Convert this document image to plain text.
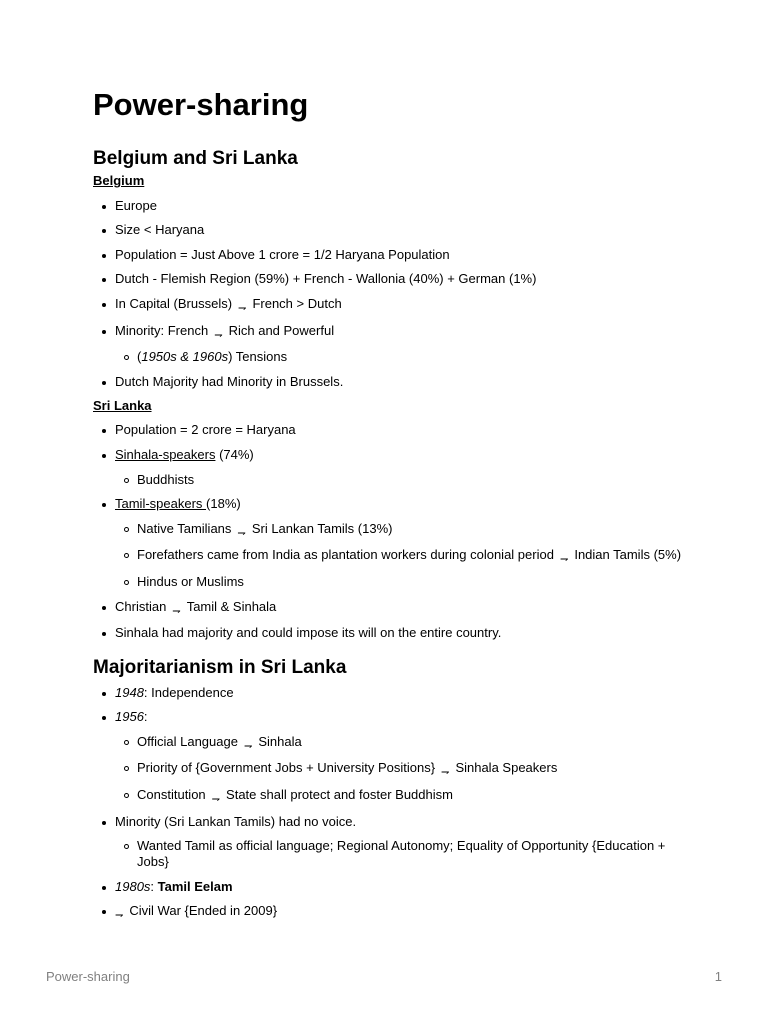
Power-sharing
Belgium and Sri Lanka
Belgium
Europe
Size < Haryana
Population = Just Above 1 crore = 1/2 Haryana Population
Dutch - Flemish Region (59%) + French - Wallonia (40%) + German (1%)
In Capital (Brussels) ⇁ French > Dutch
Minority: French ⇁ Rich and Powerful
(1950s & 1960s) Tensions
Dutch Majority had Minority in Brussels.
Sri Lanka
Population = 2 crore = Haryana
Sinhala-speakers (74%)
Buddhists
Tamil-speakers (18%)
Native Tamilians ⇁ Sri Lankan Tamils (13%)
Forefathers came from India as plantation workers during colonial period ⇁ Indian Tamils (5%)
Hindus or Muslims
Christian ⇁ Tamil & Sinhala
Sinhala had majority and could impose its will on the entire country.
Majoritarianism in Sri Lanka
1948: Independence
1956:
Official Language ⇁ Sinhala
Priority of {Government Jobs + University Positions} ⇁ Sinhala Speakers
Constitution ⇁ State shall protect and foster Buddhism
Minority (Sri Lankan Tamils) had no voice.
Wanted Tamil as official language; Regional Autonomy; Equality of Opportunity {Education + Jobs}
1980s: Tamil Eelam
⇁ Civil War {Ended in 2009}
Power-sharing	1
